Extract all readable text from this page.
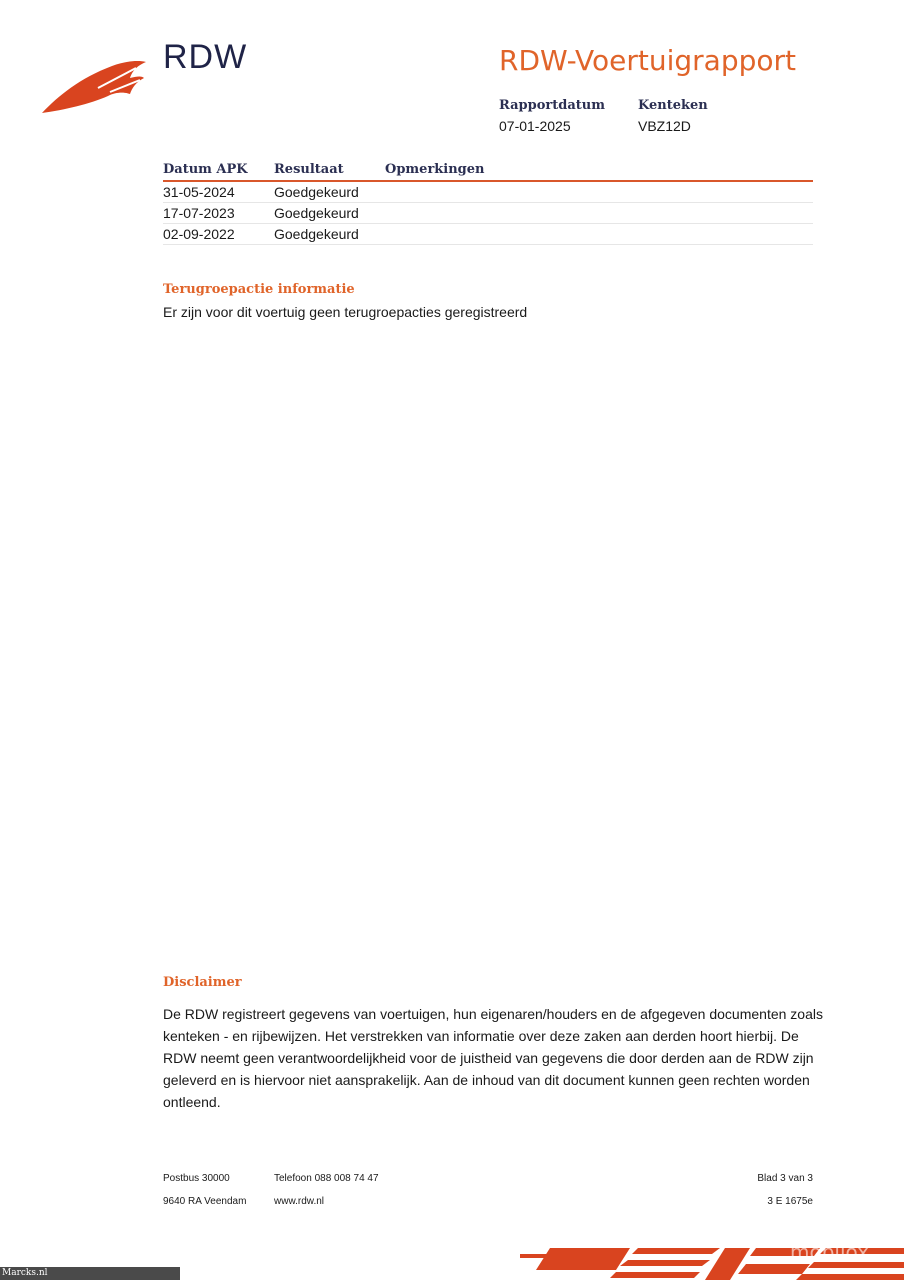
RDW	RDW-Voertuigrapport
Rapportdatum
07-01-2025
Kenteken
VBZ12D
Datum APK	Resultaat	Opmerkingen
31-05-2024	Goedgekeurd
17-07-2023	Goedgekeurd
02-09-2022	Goedgekeurd
Terugroepactie informatie
Er zijn voor dit voertuig geen terugroepacties geregistreerd
Disclaimer
De RDW registreert gegevens van voertuigen, hun eigenaren/houders en de afgegeven documenten zoals
kenteken - en rijbewijzen. Het verstrekken van informatie over deze zaken aan derden hoort hierbij. De
RDW neemt geen verantwoordelijkheid voor de juistheid van gegevens die door derden aan de RDW zijn
geleverd en is hiervoor niet aansprakelijk. Aan de inhoud van dit document kunnen geen rechten worden
ontleend.
Postbus 30000
9640 RA Veendam
Telefoon 088 008 74 47
www.rdw.nl
Blad 3 van 3
3 E 1675e
mobilox
Marcks.nl
